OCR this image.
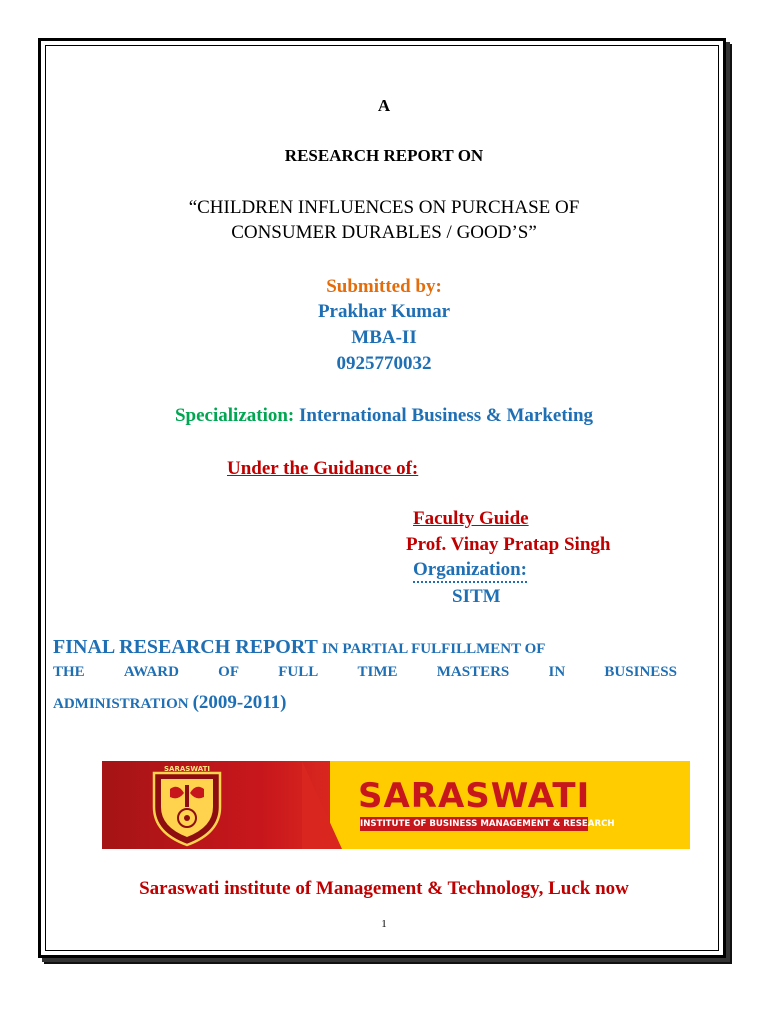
A
RESEARCH REPORT ON
“CHILDREN INFLUENCES ON PURCHASE OF
CONSUMER DURABLES / GOOD’S”
Submitted by:
Prakhar Kumar
MBA-II
0925770032
Specialization: International Business & Marketing
Under the Guidance of:
Faculty Guide
Prof. Vinay Pratap Singh
Organization:
SITM
FINAL RESEARCH REPORT IN PARTIAL FULFILLMENT OF
THE	AWARD	OF	FULL	TIME	MASTERS	IN	BUSINESS
ADMINISTRATION (2009-2011)
SARASWATI
SARASWATI
INSTITUTE OF BUSINESS MANAGEMENT & RESEARCH
Saraswati institute of Management & Technology, Luck now
1
